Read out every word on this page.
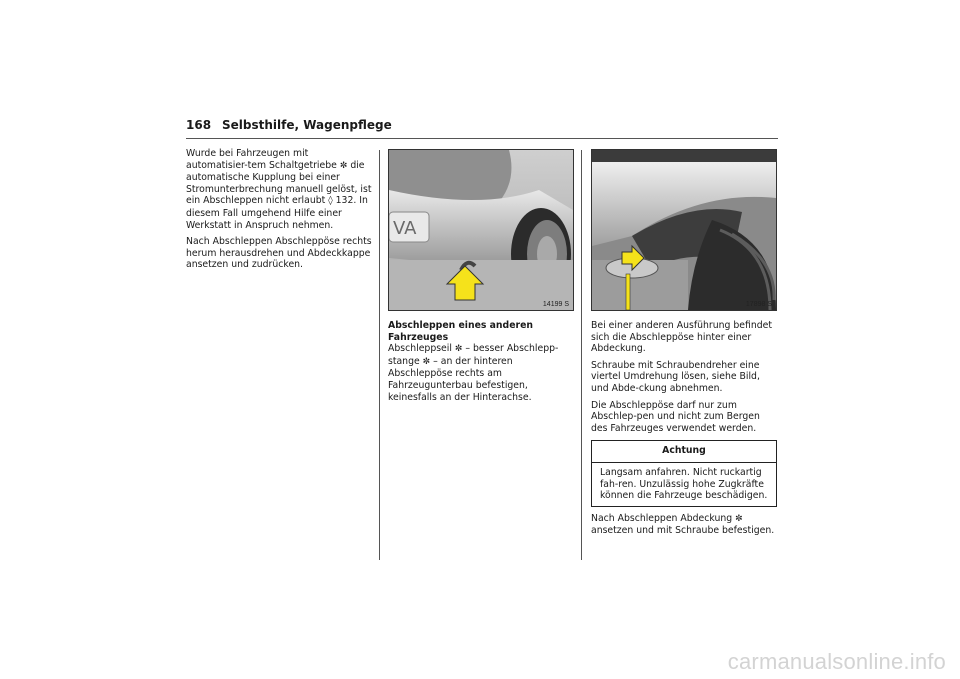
168 Selbsthilfe, Wagenpflege

Wurde bei Fahrzeugen mit automatisier-tem Schaltgetriebe ✼ die automatische Kupplung bei einer Stromunterbrechung manuell gelöst, ist ein Abschleppen nicht erlaubt ◊ 132. In diesem Fall umgehend Hilfe einer Werkstatt in Anspruch nehmen.

Nach Abschleppen Abschleppöse rechts herum herausdrehen und Abdeckkappe ansetzen und zudrücken.

VA
14199 S

Abschleppen eines anderen Fahrzeuges
Abschleppseil ✼ – besser Abschlepp-stange ✼ – an der hinteren Abschleppöse rechts am Fahrzeugunterbau befestigen, keinesfalls an der Hinterachse.

17898 S

Bei einer anderen Ausführung befindet sich die Abschleppöse hinter einer Abdeckung.

Schraube mit Schraubendreher eine viertel Umdrehung lösen, siehe Bild, und Abde-ckung abnehmen.

Die Abschleppöse darf nur zum Abschlep-pen und nicht zum Bergen des Fahrzeuges verwendet werden.

Achtung
Langsam anfahren. Nicht ruckartig fah-ren. Unzulässig hohe Zugkräfte können die Fahrzeuge beschädigen.

Nach Abschleppen Abdeckung ✼ ansetzen und mit Schraube befestigen.

carmanualsonline.info
